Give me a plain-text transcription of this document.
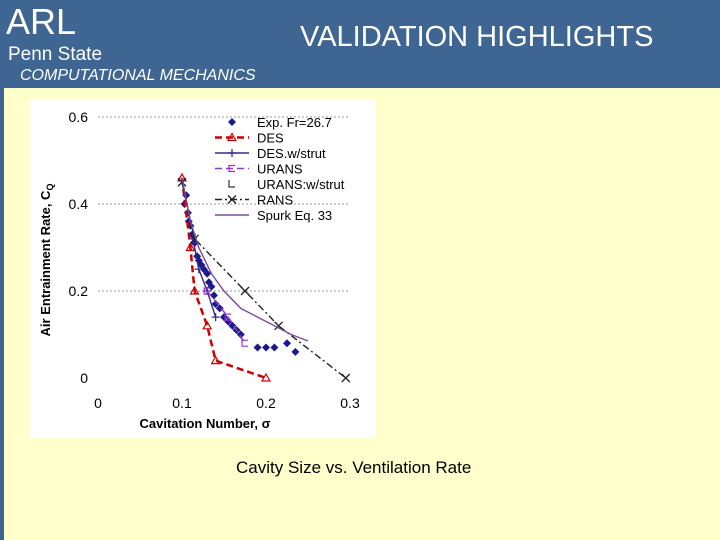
ARL
Penn State
COMPUTATIONAL MECHANICS
VALIDATION HIGHLIGHTS
0
0.2
0.4
0.6
0	0.1	0.2	0.3
Exp. Fr=26.7
DES
DES.w/strut
URANS
URANS:w/strut
RANS
Spurk Eq. 33
Cavitation Number, σ
Air Entrainment Rate, $C_Q$
Cavity Size vs. Ventilation Rate
